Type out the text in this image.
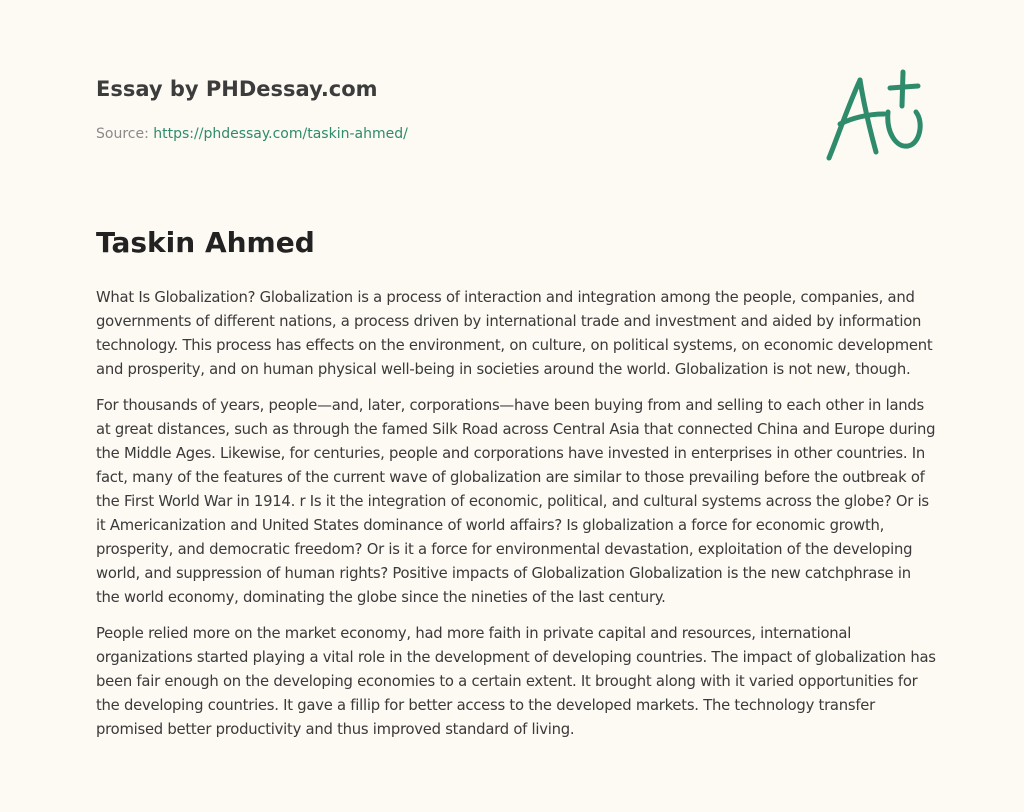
Essay by PHDessay.com
Source: https://phdessay.com/taskin-ahmed/
Taskin Ahmed

What Is Globalization? Globalization is a process of interaction and integration among the people, companies, and governments of different nations, a process driven by international trade and investment and aided by information technology. This process has effects on the environment, on culture, on political systems, on economic development and prosperity, and on human physical well-being in societies around the world. Globalization is not new, though.

For thousands of years, people—and, later, corporations—have been buying from and selling to each other in lands at great distances, such as through the famed Silk Road across Central Asia that connected China and Europe during the Middle Ages. Likewise, for centuries, people and corporations have invested in enterprises in other countries. In fact, many of the features of the current wave of globalization are similar to those prevailing before the outbreak of the First World War in 1914. r Is it the integration of economic, political, and cultural systems across the globe? Or is it Americanization and United States dominance of world affairs? Is globalization a force for economic growth, prosperity, and democratic freedom? Or is it a force for environmental devastation, exploitation of the developing world, and suppression of human rights? Positive impacts of Globalization Globalization is the new catchphrase in the world economy, dominating the globe since the nineties of the last century.

People relied more on the market economy, had more faith in private capital and resources, international organizations started playing a vital role in the development of developing countries. The impact of globalization has been fair enough on the developing economies to a certain extent. It brought along with it varied opportunities for the developing countries. It gave a fillip for better access to the developed markets. The technology transfer promised better productivity and thus improved standard of living.
